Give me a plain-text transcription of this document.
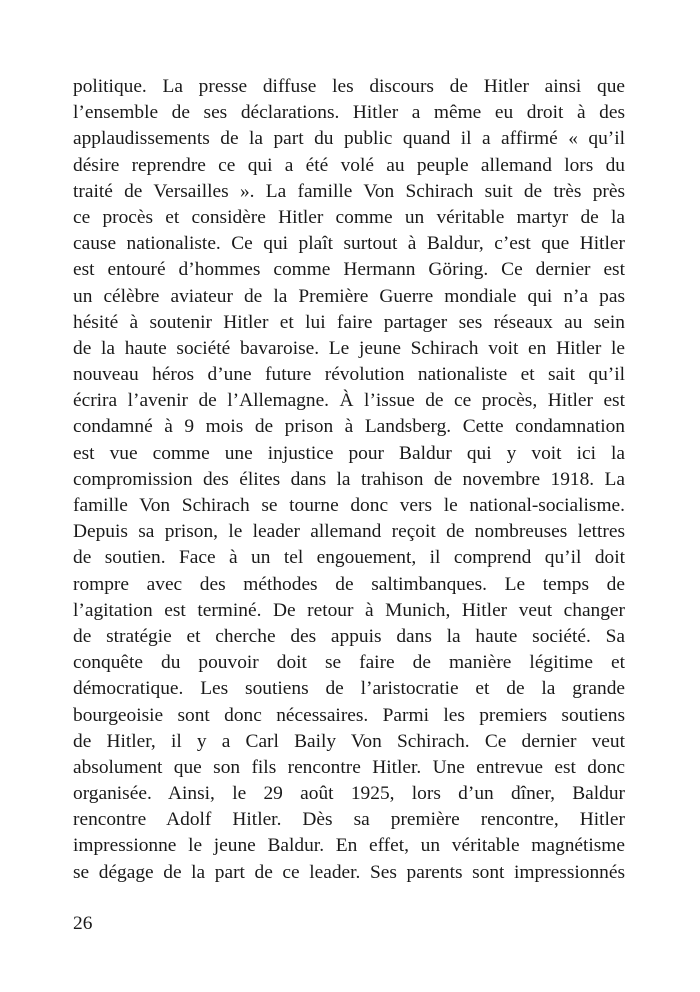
politique. La presse diffuse les discours de Hitler ainsi que
l’ensemble de ses déclarations. Hitler a même eu droit à des
applaudissements de la part du public quand il a affirmé « qu’il
désire reprendre ce qui a été volé au peuple allemand lors du
traité de Versailles ». La famille Von Schirach suit de très près
ce procès et considère Hitler comme un véritable martyr de la
cause nationaliste. Ce qui plaît surtout à Baldur, c’est que Hitler
est entouré d’hommes comme Hermann Göring. Ce dernier est
un célèbre aviateur de la Première Guerre mondiale qui n’a pas
hésité à soutenir Hitler et lui faire partager ses réseaux au sein
de la haute société bavaroise. Le jeune Schirach voit en Hitler le
nouveau héros d’une future révolution nationaliste et sait qu’il
écrira l’avenir de l’Allemagne. À l’issue de ce procès, Hitler est
condamné à 9 mois de prison à Landsberg. Cette condamnation
est vue comme une injustice pour Baldur qui y voit ici la
compromission des élites dans la trahison de novembre 1918. La
famille Von Schirach se tourne donc vers le national-socialisme.
Depuis sa prison, le leader allemand reçoit de nombreuses lettres
de soutien. Face à un tel engouement, il comprend qu’il doit
rompre avec des méthodes de saltimbanques. Le temps de
l’agitation est terminé. De retour à Munich, Hitler veut changer
de stratégie et cherche des appuis dans la haute société. Sa
conquête du pouvoir doit se faire de manière légitime et
démocratique. Les soutiens de l’aristocratie et de la grande
bourgeoisie sont donc nécessaires. Parmi les premiers soutiens
de Hitler, il y a Carl Baily Von Schirach. Ce dernier veut
absolument que son fils rencontre Hitler. Une entrevue est donc
organisée. Ainsi, le 29 août 1925, lors d’un dîner, Baldur
rencontre Adolf Hitler. Dès sa première rencontre, Hitler
impressionne le jeune Baldur. En effet, un véritable magnétisme
se dégage de la part de ce leader. Ses parents sont impressionnés

26
